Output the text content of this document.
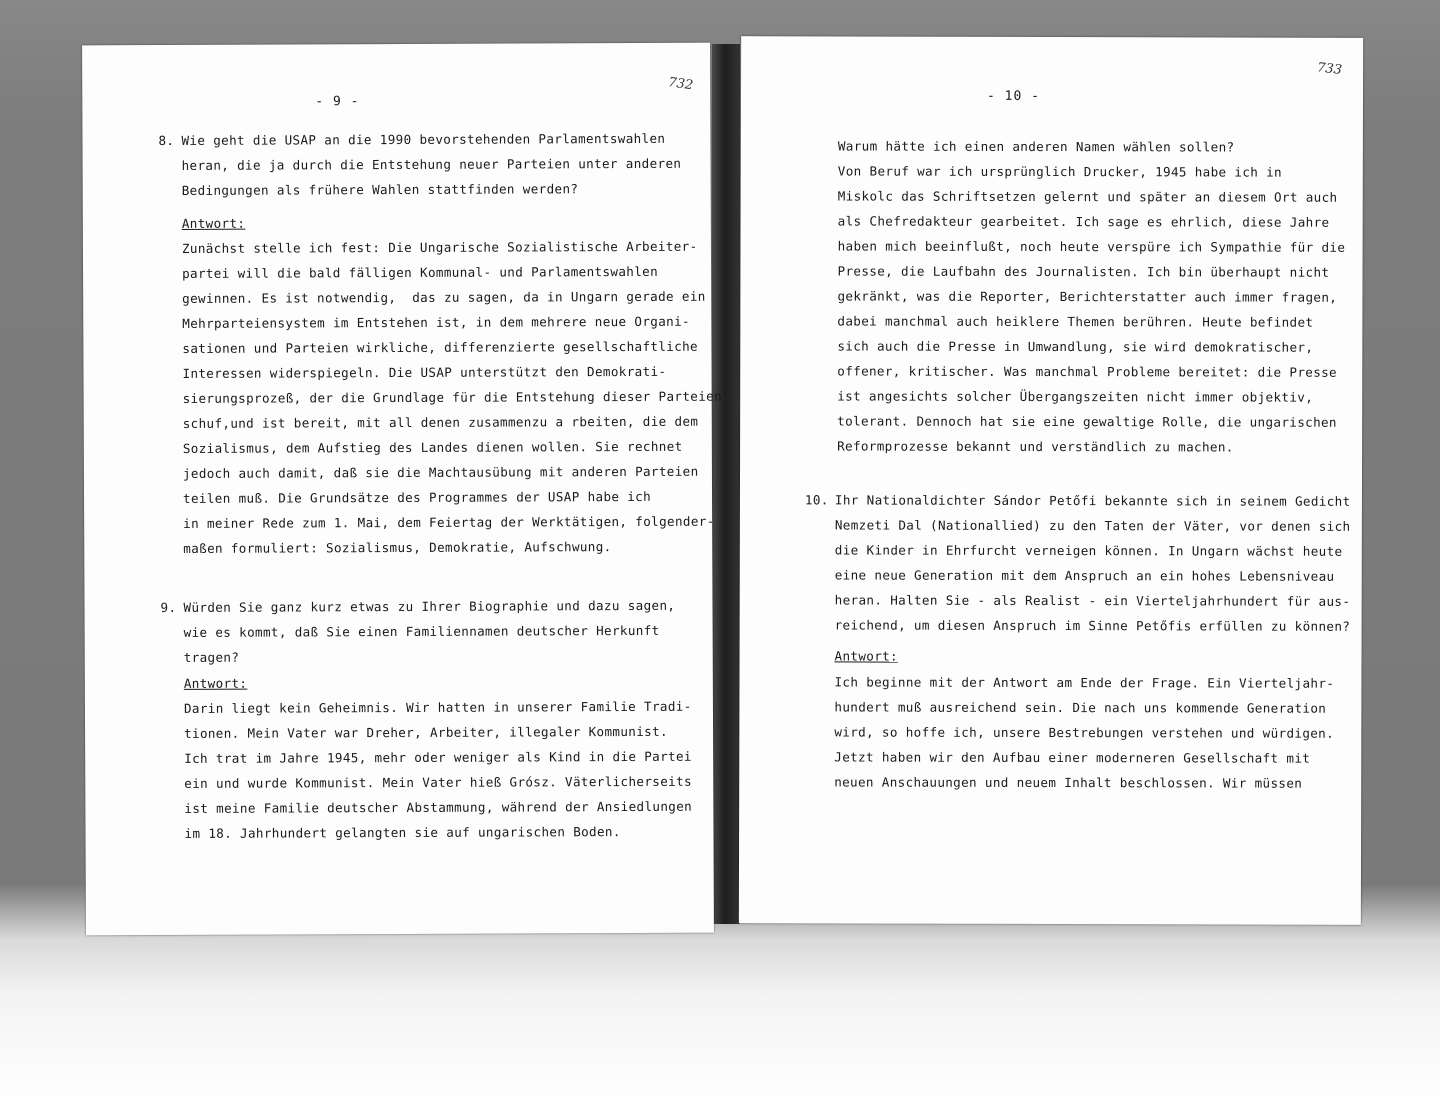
- 9 -
732
8. Wie geht die USAP an die 1990 bevorstehenden Parlamentswahlen
heran, die ja durch die Entstehung neuer Parteien unter anderen
Bedingungen als frühere Wahlen stattfinden werden?
Antwort:
Zunächst stelle ich fest: Die Ungarische Sozialistische Arbeiter-
partei will die bald fälligen Kommunal- und Parlamentswahlen
gewinnen. Es ist notwendig,  das zu sagen, da in Ungarn gerade ein
Mehrparteiensystem im Entstehen ist, in dem mehrere neue Organi-
sationen und Parteien wirkliche, differenzierte gesellschaftliche
Interessen widerspiegeln. Die USAP unterstützt den Demokrati-
sierungsprozeß, der die Grundlage für die Entstehung dieser Parteien
schuf,und ist bereit, mit all denen zusammenzu a rbeiten, die dem
Sozialismus, dem Aufstieg des Landes dienen wollen. Sie rechnet
jedoch auch damit, daß sie die Machtausübung mit anderen Parteien
teilen muß. Die Grundsätze des Programmes der USAP habe ich
in meiner Rede zum 1. Mai, dem Feiertag der Werktätigen, folgender-
maßen formuliert: Sozialismus, Demokratie, Aufschwung.
9. Würden Sie ganz kurz etwas zu Ihrer Biographie und dazu sagen,
wie es kommt, daß Sie einen Familiennamen deutscher Herkunft
tragen?
Antwort:
Darin liegt kein Geheimnis. Wir hatten in unserer Familie Tradi-
tionen. Mein Vater war Dreher, Arbeiter, illegaler Kommunist.
Ich trat im Jahre 1945, mehr oder weniger als Kind in die Partei
ein und wurde Kommunist. Mein Vater hieß Grósz. Väterlicherseits
ist meine Familie deutscher Abstammung, während der Ansiedlungen
im 18. Jahrhundert gelangten sie auf ungarischen Boden.
- 10 -
733
Warum hätte ich einen anderen Namen wählen sollen?
Von Beruf war ich ursprünglich Drucker, 1945 habe ich in
Miskolc das Schriftsetzen gelernt und später an diesem Ort auch
als Chefredakteur gearbeitet. Ich sage es ehrlich, diese Jahre
haben mich beeinflußt, noch heute verspüre ich Sympathie für die
Presse, die Laufbahn des Journalisten. Ich bin überhaupt nicht
gekränkt, was die Reporter, Berichterstatter auch immer fragen,
dabei manchmal auch heiklere Themen berühren. Heute befindet
sich auch die Presse in Umwandlung, sie wird demokratischer,
offener, kritischer. Was manchmal Probleme bereitet: die Presse
ist angesichts solcher Übergangszeiten nicht immer objektiv,
tolerant. Dennoch hat sie eine gewaltige Rolle, die ungarischen
Reformprozesse bekannt und verständlich zu machen.
10. Ihr Nationaldichter Sándor Petőfi bekannte sich in seinem Gedicht
Nemzeti Dal (Nationallied) zu den Taten der Väter, vor denen sich
die Kinder in Ehrfurcht verneigen können. In Ungarn wächst heute
eine neue Generation mit dem Anspruch an ein hohes Lebensniveau
heran. Halten Sie - als Realist - ein Vierteljahrhundert für aus-
reichend, um diesen Anspruch im Sinne Petőfis erfüllen zu können?
Antwort:
Ich beginne mit der Antwort am Ende der Frage. Ein Vierteljahr-
hundert muß ausreichend sein. Die nach uns kommende Generation
wird, so hoffe ich, unsere Bestrebungen verstehen und würdigen.
Jetzt haben wir den Aufbau einer moderneren Gesellschaft mit
neuen Anschauungen und neuem Inhalt beschlossen. Wir müssen
